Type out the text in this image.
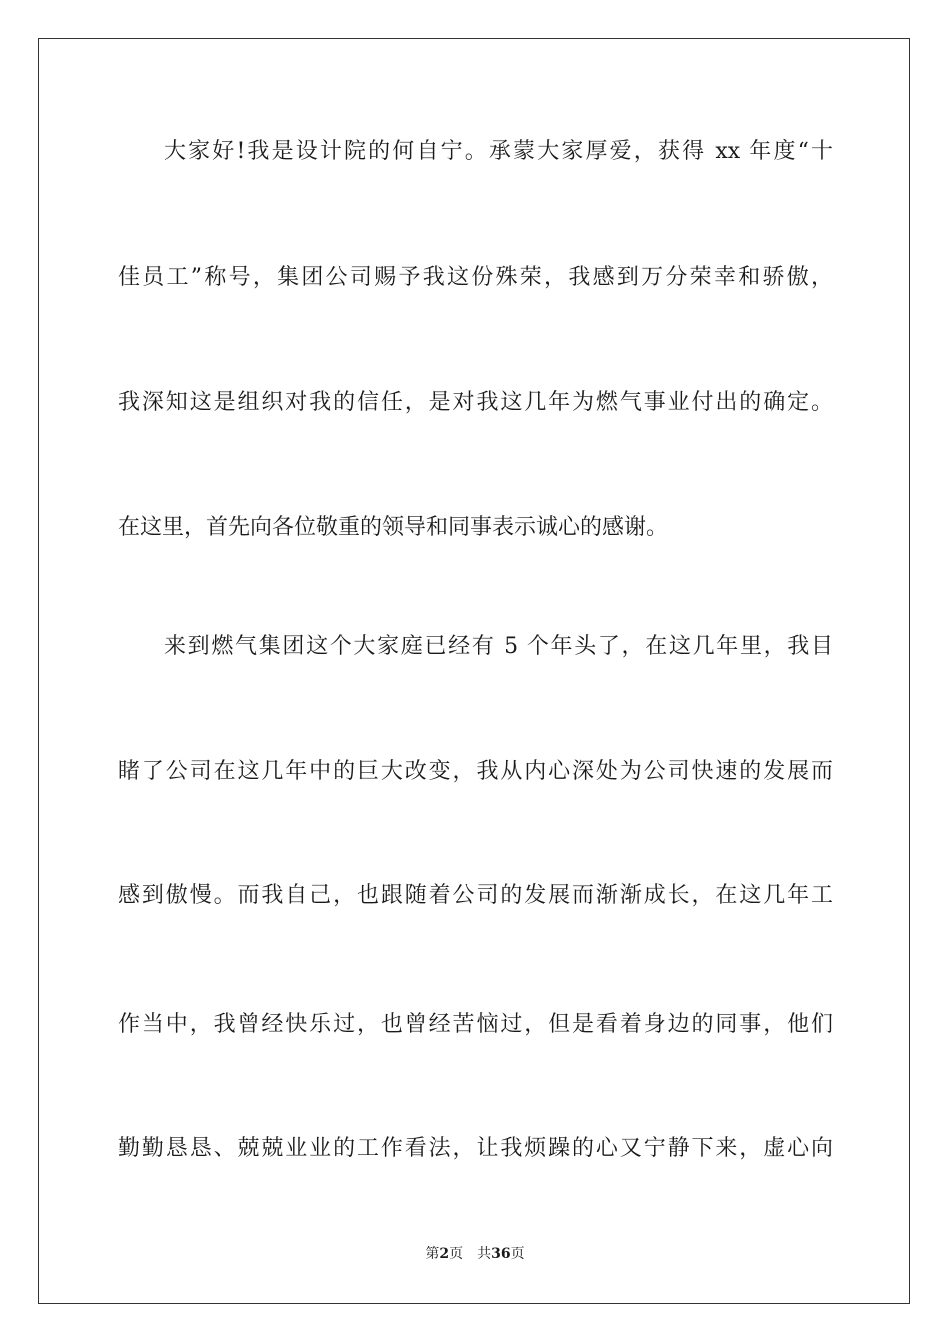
大家好!我是设计院的何自宁。承蒙大家厚爱，获得 xx 年度“十
佳员工”称号，集团公司赐予我这份殊荣，我感到万分荣幸和骄傲，
我深知这是组织对我的信任，是对我这几年为燃气事业付出的确定。
在这里，首先向各位敬重的领导和同事表示诚心的感谢。
来到燃气集团这个大家庭已经有 5 个年头了，在这几年里，我目
睹了公司在这几年中的巨大改变，我从内心深处为公司快速的发展而
感到傲慢。而我自己，也跟随着公司的发展而渐渐成长，在这几年工
作当中，我曾经快乐过，也曾经苦恼过，但是看着身边的同事，他们
勤勤恳恳、兢兢业业的工作看法，让我烦躁的心又宁静下来，虚心向
第2页 共36页
